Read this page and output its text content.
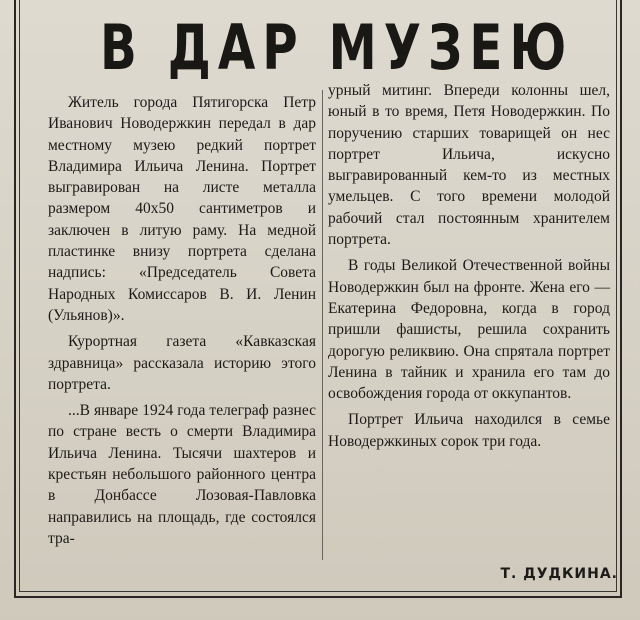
В ДАР МУЗЕЮ

Житель города Пятигорска Петр Иванович Новодержкин передал в дар местному музею редкий портрет Владимира Ильича Ленина. Портрет выгравирован на листе металла размером 40х50 сантиметров и заключен в литую раму. На медной пластинке внизу портрета сделана надпись: «Председатель Совета Народных Комиссаров В. И. Ленин (Ульянов)».

Курортная газета «Кавказская здравница» рассказала историю этого портрета.

...В январе 1924 года телеграф разнес по стране весть о смерти Владимира Ильича Ленина. Тысячи шахтеров и крестьян небольшого районного центра в Донбассе Лозовая-Павловка направились на площадь, где состоялся тра-

урный митинг. Впереди колонны шел, юный в то время, Петя Новодержкин. По поручению старших товарищей он нес портрет Ильича, искусно выгравированный кем-то из местных умельцев. С того времени молодой рабочий стал постоянным хранителем портрета.

В годы Великой Отечественной войны Новодержкин был на фронте. Жена его — Екатерина Федоровна, когда в город пришли фашисты, решила сохранить дорогую реликвию. Она спрятала портрет Ленина в тайник и хранила его там до освобождения города от оккупантов.

Портрет Ильича находился в семье Новодержкиных сорок три года.

Т. ДУДКИНА.
